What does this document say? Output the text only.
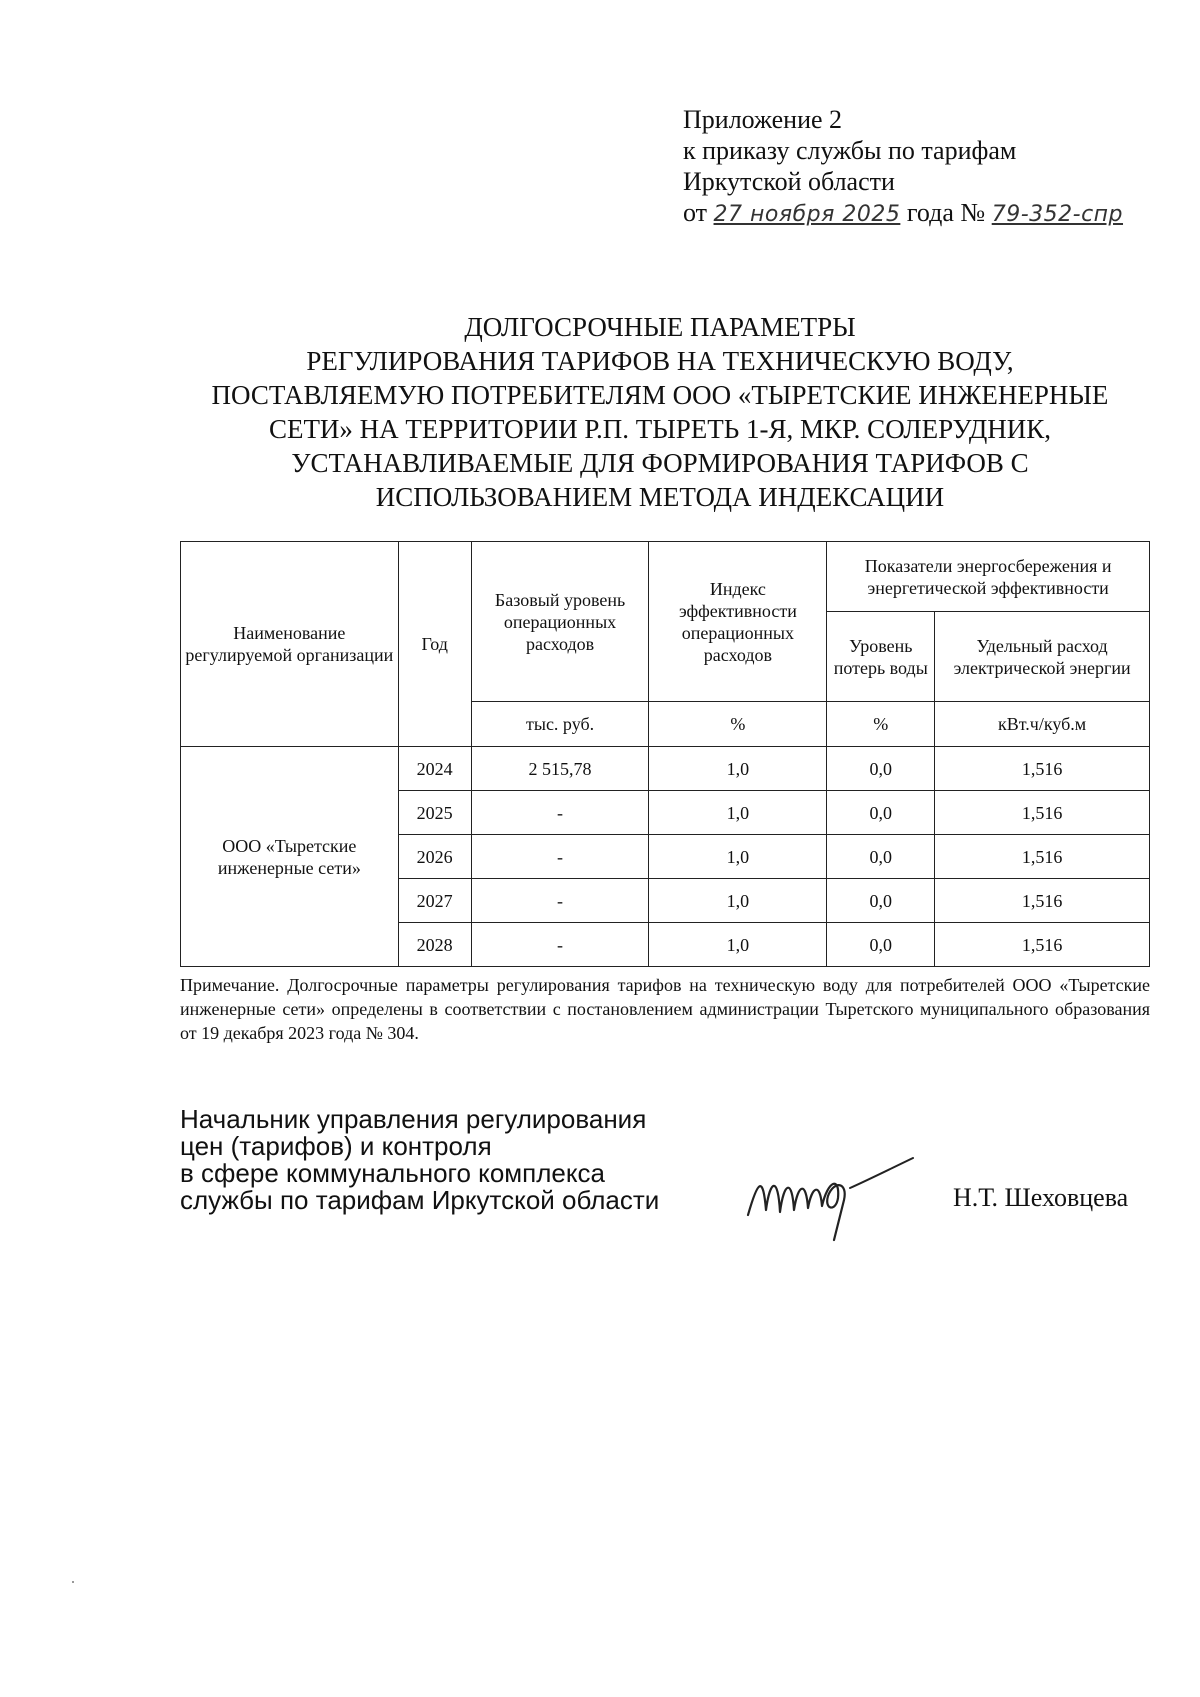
Приложение 2
к приказу службы по тарифам
Иркутской области
от 27 ноября 2025 года № 79-352-спр
ДОЛГОСРОЧНЫЕ ПАРАМЕТРЫ
РЕГУЛИРОВАНИЯ ТАРИФОВ НА ТЕХНИЧЕСКУЮ ВОДУ,
ПОСТАВЛЯЕМУЮ ПОТРЕБИТЕЛЯМ ООО «ТЫРЕТСКИЕ ИНЖЕНЕРНЫЕ
СЕТИ» НА ТЕРРИТОРИИ Р.П. ТЫРЕТЬ 1-Я, МКР. СОЛЕРУДНИК,
УСТАНАВЛИВАЕМЫЕ ДЛЯ ФОРМИРОВАНИЯ ТАРИФОВ С
ИСПОЛЬЗОВАНИЕМ МЕТОДА ИНДЕКСАЦИИ
Наименование регулируемой организации	Год	Базовый уровень операционных расходов	Индекс эффективности операционных расходов	Показатели энергосбережения и энергетической эффективности	
				Уровень потерь воды	Удельный расход электрической энергии
		тыс. руб.	%	%	кВт.ч/куб.м
ООО «Тыретские инженерные сети»	2024	2 515,78	1,0	0,0	1,516
	2025	-	1,0	0,0	1,516
	2026	-	1,0	0,0	1,516
	2027	-	1,0	0,0	1,516
	2028	-	1,0	0,0	1,516
Примечание. Долгосрочные параметры регулирования тарифов на техническую воду для потребителей ООО «Тыретские инженерные сети» определены в соответствии с постановлением администрации Тыретского муниципального образования от 19 декабря 2023 года № 304.
Начальник управления регулирования
цен (тарифов) и контроля
в сфере коммунального комплекса
службы по тарифам Иркутской области	Н.Т. Шеховцева
